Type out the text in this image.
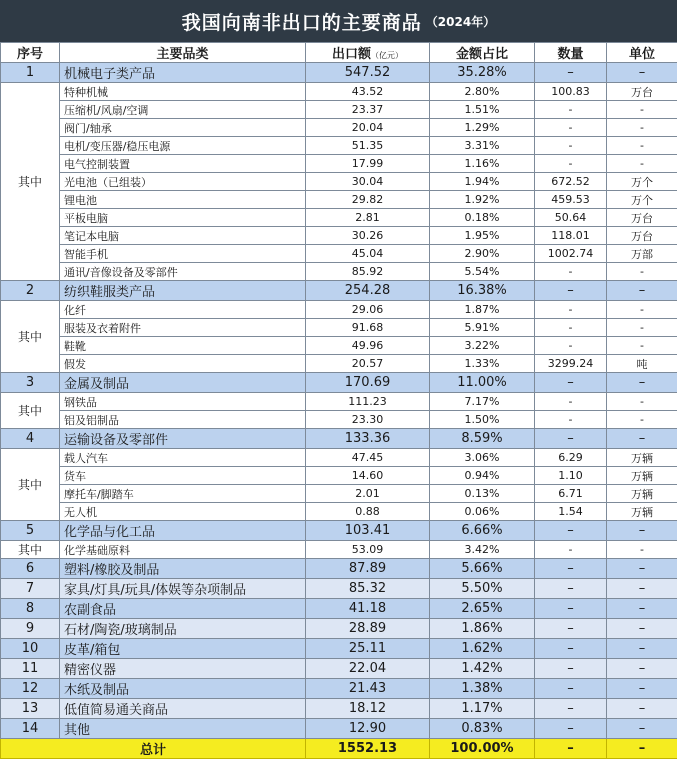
我国向南非出口的主要商品 （2024年）
序号	主要品类	出口额（亿元）	金额占比	数量	单位
1	机械电子类产品	547.52	35.28%	–	–
其中	特种机械	43.52	2.80%	100.83	万台
	压缩机/风扇/空调	23.37	1.51%	-	-
	阀门/轴承	20.04	1.29%	-	-
	电机/变压器/稳压电源	51.35	3.31%	-	-
	电气控制装置	17.99	1.16%	-	-
	光电池（已组装）	30.04	1.94%	672.52	万个
	锂电池	29.82	1.92%	459.53	万个
	平板电脑	2.81	0.18%	50.64	万台
	笔记本电脑	30.26	1.95%	118.01	万台
	智能手机	45.04	2.90%	1002.74	万部
	通讯/音像设备及零部件	85.92	5.54%	-	-
2	纺织鞋服类产品	254.28	16.38%	–	–
其中	化纤	29.06	1.87%	-	-
	服装及衣着附件	91.68	5.91%	-	-
	鞋靴	49.96	3.22%	-	-
	假发	20.57	1.33%	3299.24	吨
3	金属及制品	170.69	11.00%	–	–
其中	钢铁品	111.23	7.17%	-	-
	铝及铝制品	23.30	1.50%	-	-
4	运输设备及零部件	133.36	8.59%	–	–
其中	载人汽车	47.45	3.06%	6.29	万辆
	货车	14.60	0.94%	1.10	万辆
	摩托车/脚踏车	2.01	0.13%	6.71	万辆
	无人机	0.88	0.06%	1.54	万辆
5	化学品与化工品	103.41	6.66%	–	–
其中	化学基础原料	53.09	3.42%	-	-
6	塑料/橡胶及制品	87.89	5.66%	–	–
7	家具/灯具/玩具/体娱等杂项制品	85.32	5.50%	–	–
8	农副食品	41.18	2.65%	–	–
9	石材/陶瓷/玻璃制品	28.89	1.86%	–	–
10	皮革/箱包	25.11	1.62%	–	–
11	精密仪器	22.04	1.42%	–	–
12	木纸及制品	21.43	1.38%	–	–
13	低值简易通关商品	18.12	1.17%	–	–
14	其他	12.90	0.83%	–	–
总计		1552.13	100.00%	–	–
